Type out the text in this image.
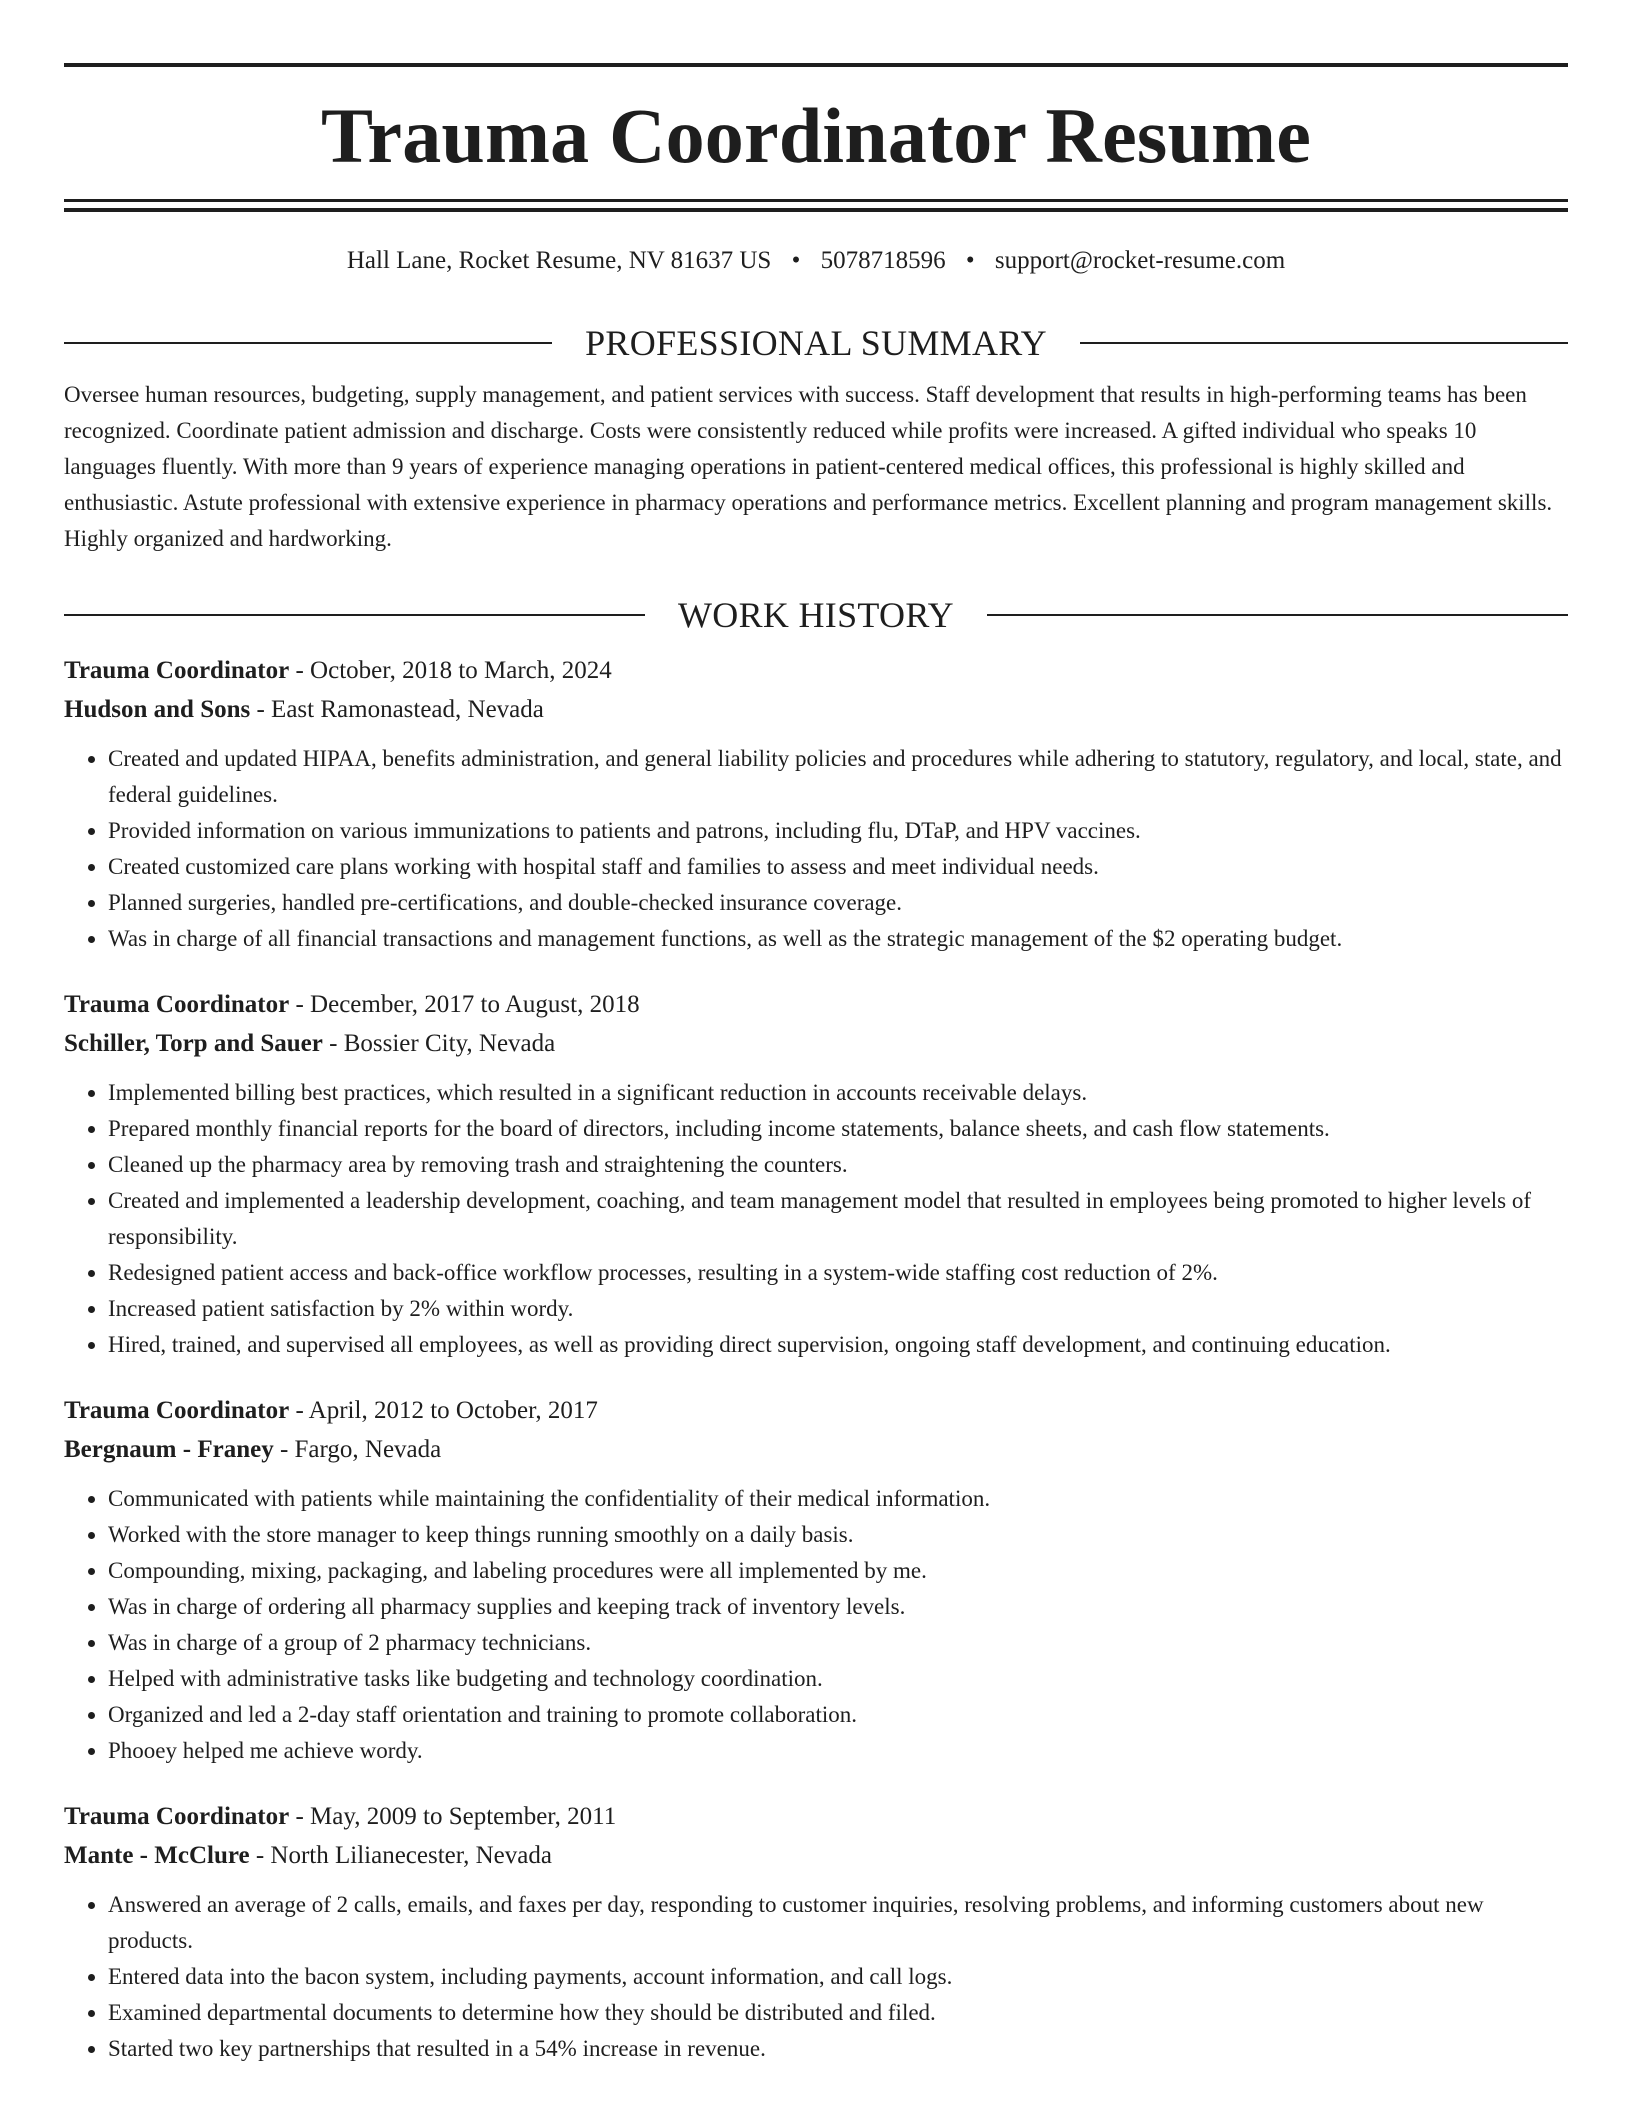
Trauma Coordinator Resume
Hall Lane, Rocket Resume, NV 81637 US • 5078718596 • support@rocket-resume.com
PROFESSIONAL SUMMARY
Oversee human resources, budgeting, supply management, and patient services with success. Staff development that results in high-performing teams has been recognized. Coordinate patient admission and discharge. Costs were consistently reduced while profits were increased. A gifted individual who speaks 10 languages fluently. With more than 9 years of experience managing operations in patient-centered medical offices, this professional is highly skilled and enthusiastic. Astute professional with extensive experience in pharmacy operations and performance metrics. Excellent planning and program management skills. Highly organized and hardworking.
WORK HISTORY
Trauma Coordinator - October, 2018 to March, 2024
Hudson and Sons - East Ramonastead, Nevada
• Created and updated HIPAA, benefits administration, and general liability policies and procedures while adhering to statutory, regulatory, and local, state, and federal guidelines.
• Provided information on various immunizations to patients and patrons, including flu, DTaP, and HPV vaccines.
• Created customized care plans working with hospital staff and families to assess and meet individual needs.
• Planned surgeries, handled pre-certifications, and double-checked insurance coverage.
• Was in charge of all financial transactions and management functions, as well as the strategic management of the $2 operating budget.
Trauma Coordinator - December, 2017 to August, 2018
Schiller, Torp and Sauer - Bossier City, Nevada
• Implemented billing best practices, which resulted in a significant reduction in accounts receivable delays.
• Prepared monthly financial reports for the board of directors, including income statements, balance sheets, and cash flow statements.
• Cleaned up the pharmacy area by removing trash and straightening the counters.
• Created and implemented a leadership development, coaching, and team management model that resulted in employees being promoted to higher levels of responsibility.
• Redesigned patient access and back-office workflow processes, resulting in a system-wide staffing cost reduction of 2%.
• Increased patient satisfaction by 2% within wordy.
• Hired, trained, and supervised all employees, as well as providing direct supervision, ongoing staff development, and continuing education.
Trauma Coordinator - April, 2012 to October, 2017
Bergnaum - Franey - Fargo, Nevada
• Communicated with patients while maintaining the confidentiality of their medical information.
• Worked with the store manager to keep things running smoothly on a daily basis.
• Compounding, mixing, packaging, and labeling procedures were all implemented by me.
• Was in charge of ordering all pharmacy supplies and keeping track of inventory levels.
• Was in charge of a group of 2 pharmacy technicians.
• Helped with administrative tasks like budgeting and technology coordination.
• Organized and led a 2-day staff orientation and training to promote collaboration.
• Phooey helped me achieve wordy.
Trauma Coordinator - May, 2009 to September, 2011
Mante - McClure - North Lilianecester, Nevada
• Answered an average of 2 calls, emails, and faxes per day, responding to customer inquiries, resolving problems, and informing customers about new products.
• Entered data into the bacon system, including payments, account information, and call logs.
• Examined departmental documents to determine how they should be distributed and filed.
• Started two key partnerships that resulted in a 54% increase in revenue.
